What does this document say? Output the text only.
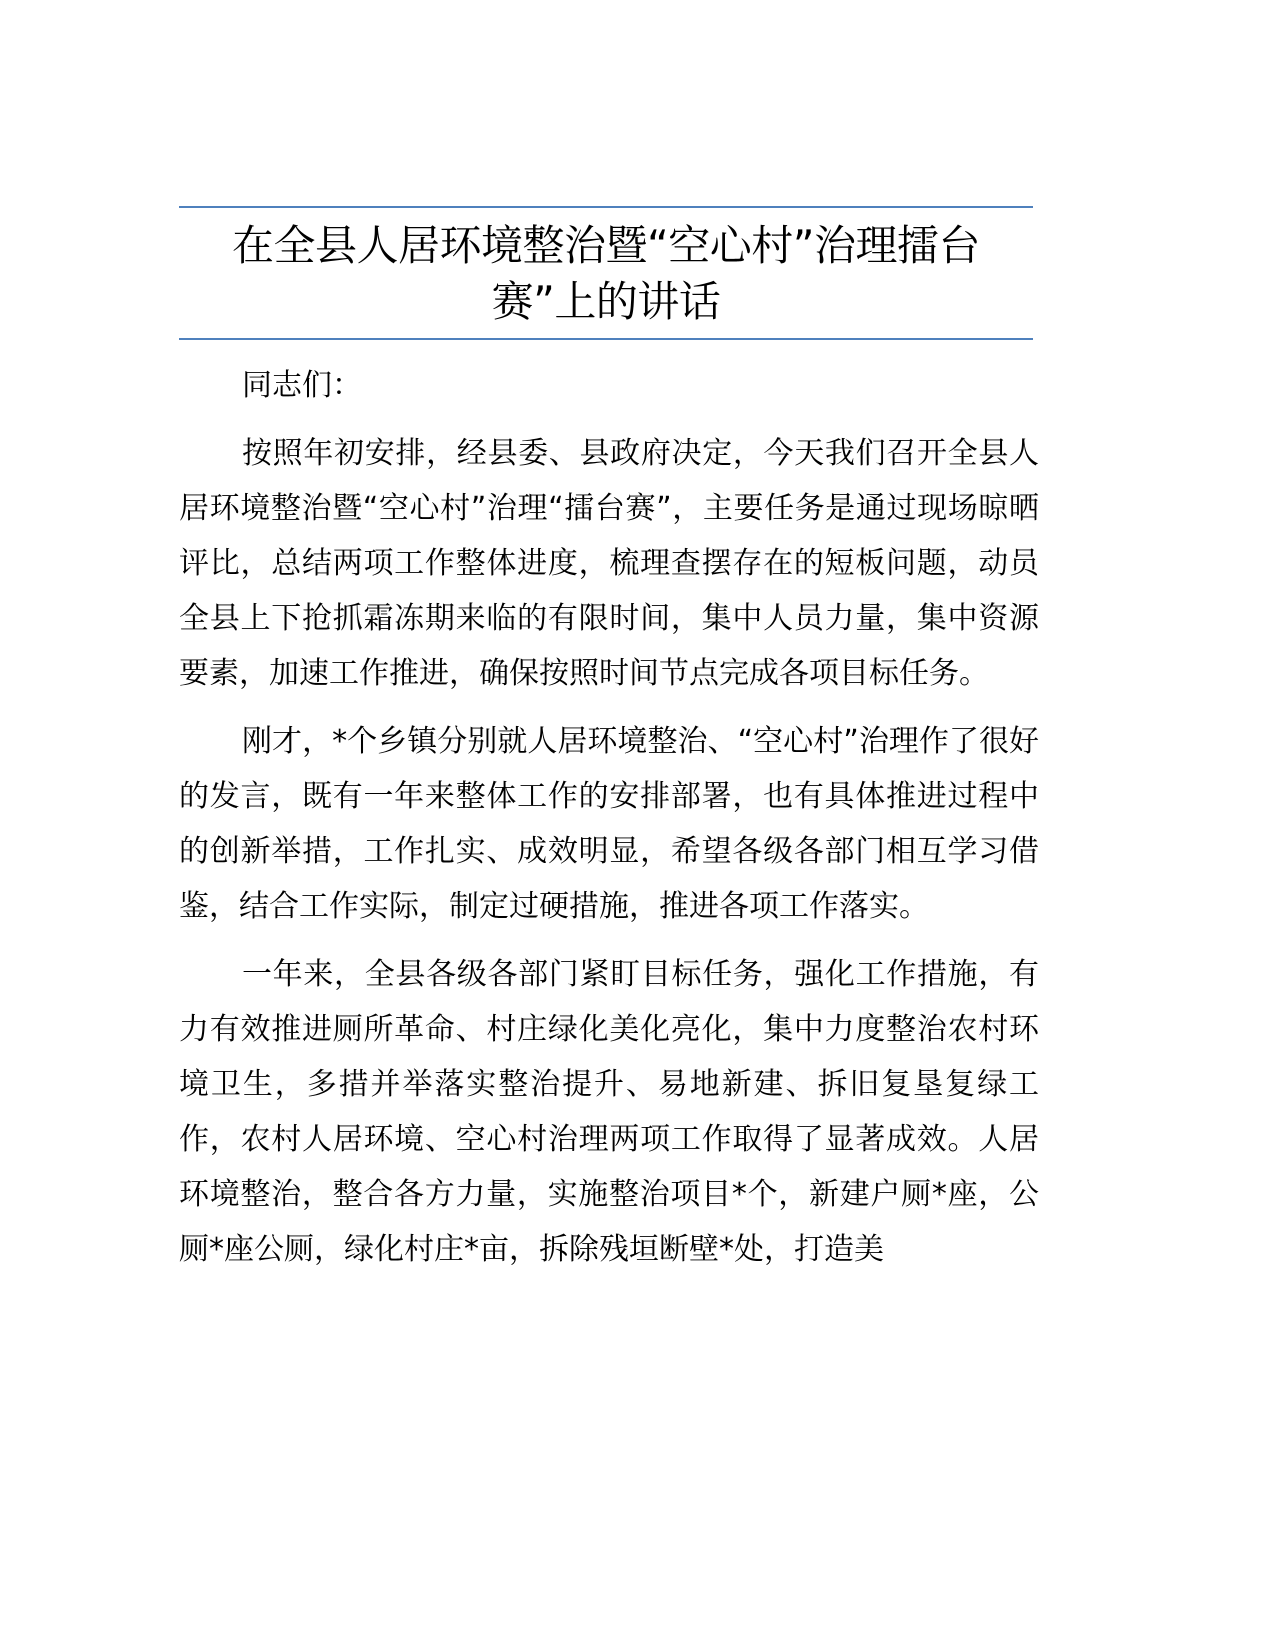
在全县人居环境整治暨“空心村”治理擂台
赛”上的讲话

同志们：

按照年初安排，经县委、县政府决定，今天我们召开全县人居环境整治暨“空心村”治理“擂台赛”，主要任务是通过现场晾晒评比，总结两项工作整体进度，梳理查摆存在的短板问题，动员全县上下抢抓霜冻期来临的有限时间，集中人员力量，集中资源要素，加速工作推进，确保按照时间节点完成各项目标任务。

刚才，*个乡镇分别就人居环境整治、“空心村”治理作了很好的发言，既有一年来整体工作的安排部署，也有具体推进过程中的创新举措，工作扎实、成效明显，希望各级各部门相互学习借鉴，结合工作实际，制定过硬措施，推进各项工作落实。

一年来，全县各级各部门紧盯目标任务，强化工作措施，有力有效推进厕所革命、村庄绿化美化亮化，集中力度整治农村环境卫生，多措并举落实整治提升、易地新建、拆旧复垦复绿工作，农村人居环境、空心村治理两项工作取得了显著成效。人居环境整治，整合各方力量，实施整治项目*个，新建户厕*座，公厕*座公厕，绿化村庄*亩，拆除残垣断壁*处，打造美
